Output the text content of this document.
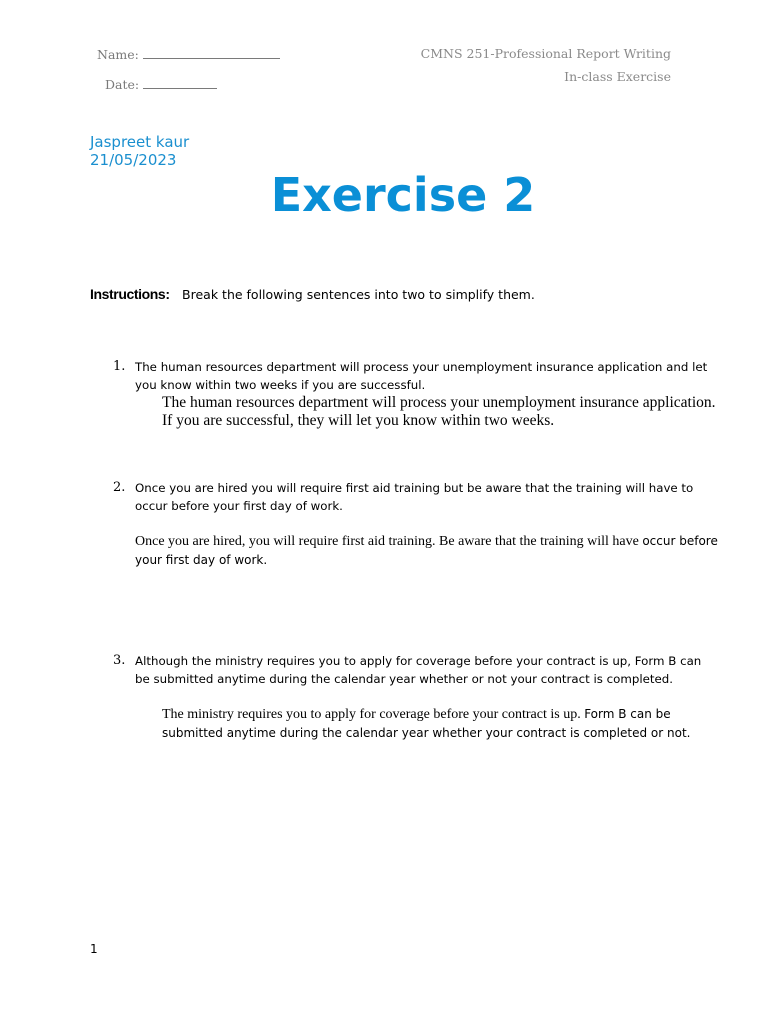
Name:
Date:
CMNS 251-Professional Report Writing
In-class Exercise
Jaspreet kaur
21/05/2023
Exercise 2
Instructions: Break the following sentences into two to simplify them.
1. The human resources department will process your unemployment insurance application and let you know within two weeks if you are successful.
The human resources department will process your unemployment insurance application. If you are successful, they will let you know within two weeks.
2. Once you are hired you will require first aid training but be aware that the training will have to occur before your first day of work.
Once you are hired, you will require first aid training. Be aware that the training will have occur before your first day of work.
3. Although the ministry requires you to apply for coverage before your contract is up, Form B can be submitted anytime during the calendar year whether or not your contract is completed.
The ministry requires you to apply for coverage before your contract is up. Form B can be submitted anytime during the calendar year whether your contract is completed or not.
1
